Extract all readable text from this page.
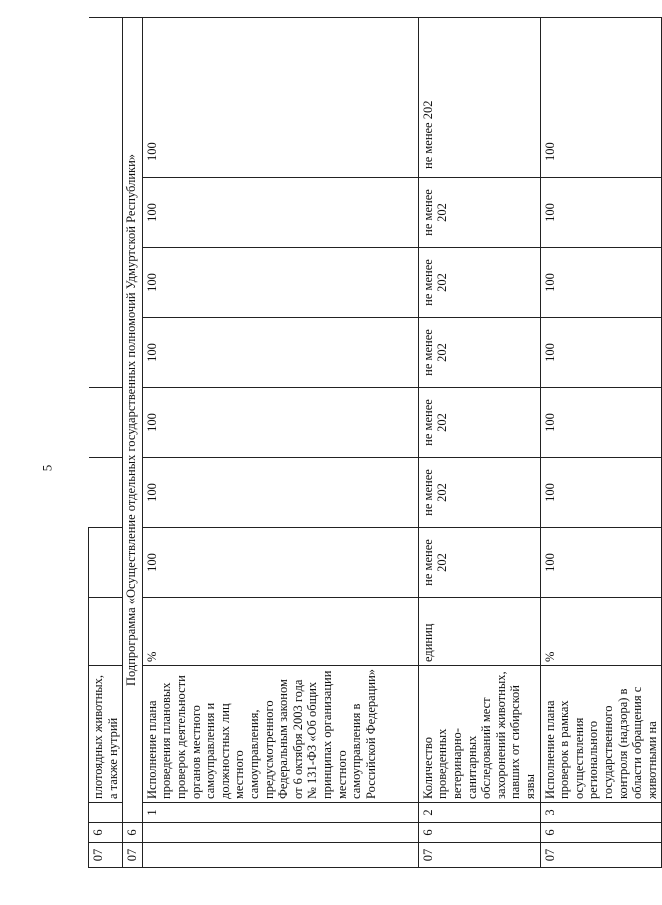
5
07	6		плотоядных животных, а также нутрий								
07	6	Подпрограмма «Осуществление отдельных государственных полномочий Удмуртской Республики»									
		1	Исполнение плана проведения плановых проверок деятельности органов местного самоуправления и должностных лиц местного самоуправления, предусмотренного Федеральным законом от 6 октября 2003 года № 131-ФЗ «Об общих принципах организации местного самоуправления в Российской Федерации»	%	100	100	100	100	100	100	100
07	6	2	Количество проведенных ветеринарно-санитарных обследований мест захоронений животных, павших от сибирской язвы	единиц	не менее 202	не менее 202	не менее 202	не менее 202	не менее 202	не менее 202	не менее 202
07	6	3	Исполнение плана проверок в рамках осуществления регионального государственного контроля (надзора) в области обращения с животными на	%	100	100	100	100	100	100	100
